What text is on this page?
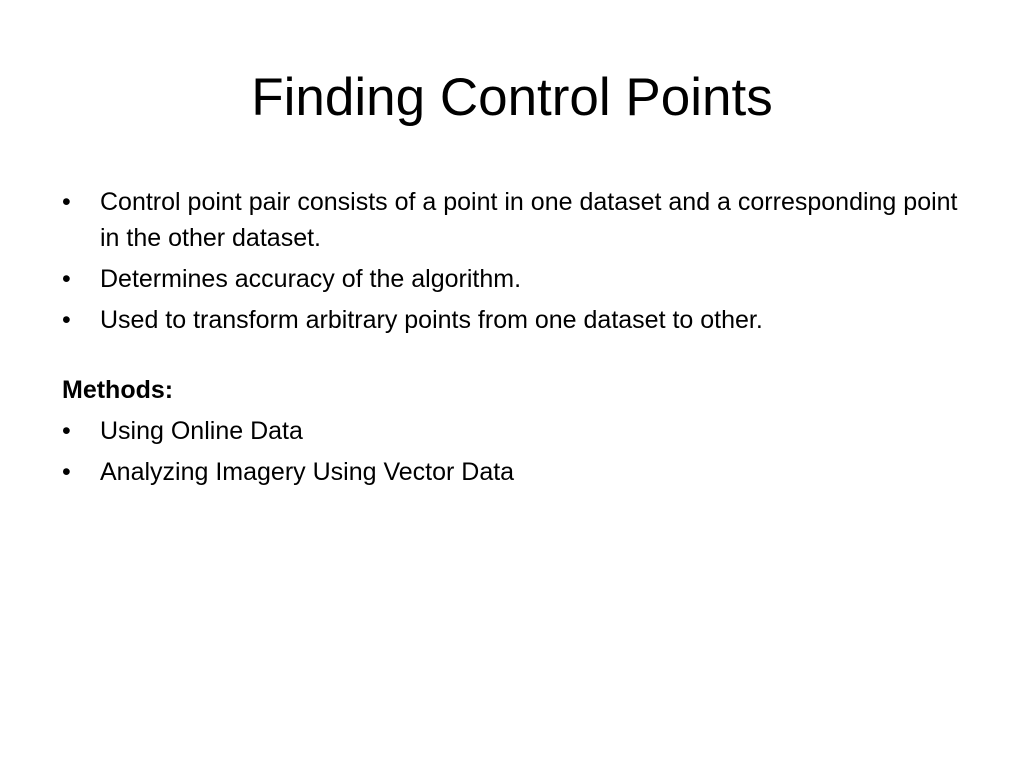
Finding Control Points
•	Control point pair consists of a point in one dataset and a corresponding point in the other dataset.
•	Determines accuracy of the algorithm.
•	Used to transform arbitrary points from one dataset to other.
Methods:
•	Using Online Data
•	Analyzing Imagery Using Vector Data
